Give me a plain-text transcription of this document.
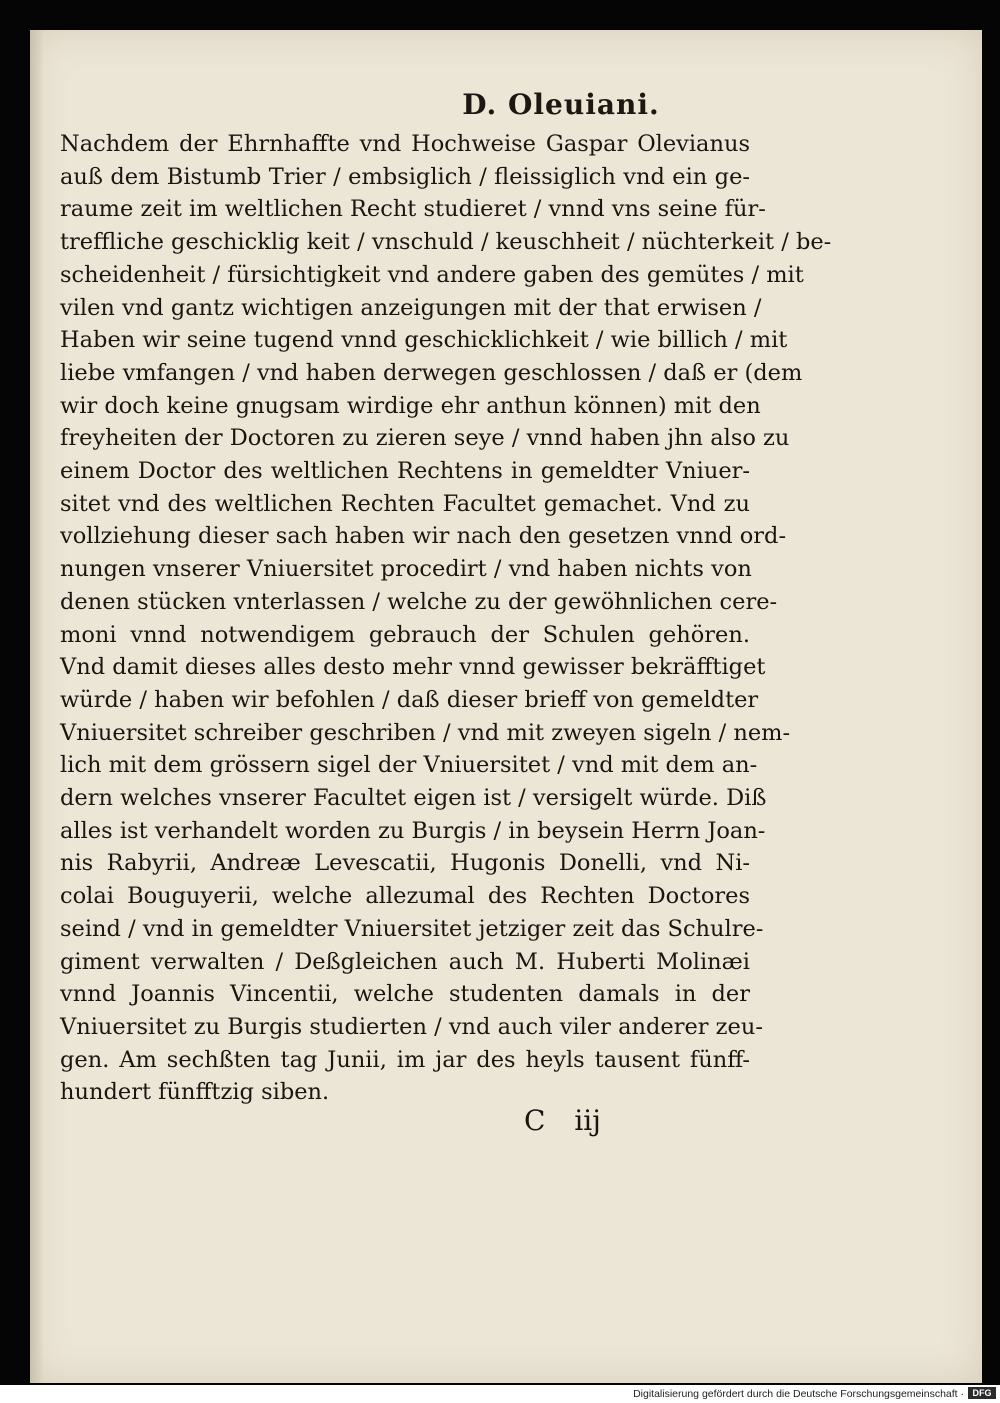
D. Oleuiani.
Nachdem der Ehrnhaffte vnd Hochweise Gaspar Olevianus
auß dem Bistumb Trier / embsiglich / fleissiglich vnd ein ge-
raume zeit im weltlichen Recht studieret / vnnd vns seine für-
treffliche geschicklig keit / vnschuld / keuschheit / nüchterkeit / be-
scheidenheit / fürsichtigkeit vnd andere gaben des gemütes / mit
vilen vnd gantz wichtigen anzeigungen mit der that erwisen /
Haben wir seine tugend vnnd geschicklichkeit / wie billich / mit
liebe vmfangen / vnd haben derwegen geschlossen / daß er (dem
wir doch keine gnugsam wirdige ehr anthun können) mit den
freyheiten der Doctoren zu zieren seye / vnnd haben jhn also zu
einem Doctor des weltlichen Rechtens in gemeldter Vniuer-
sitet vnd des weltlichen Rechten Facultet gemachet. Vnd zu
vollziehung dieser sach haben wir nach den gesetzen vnnd ord-
nungen vnserer Vniuersitet procedirt / vnd haben nichts von
denen stücken vnterlassen / welche zu der gewöhnlichen cere-
moni vnnd notwendigem gebrauch der Schulen gehören.
Vnd damit dieses alles desto mehr vnnd gewisser bekräfftiget
würde / haben wir befohlen / daß dieser brieff von gemeldter
Vniuersitet schreiber geschriben / vnd mit zweyen sigeln / nem-
lich mit dem grössern sigel der Vniuersitet / vnd mit dem an-
dern welches vnserer Facultet eigen ist / versigelt würde. Diß
alles ist verhandelt worden zu Burgis / in beysein Herrn Joan-
nis Rabyrii, Andreæ Levescatii, Hugonis Donelli, vnd Ni-
colai Bouguyerii, welche allezumal des Rechten Doctores
seind / vnd in gemeldter Vniuersitet jetziger zeit das Schulre-
giment verwalten / Deßgleichen auch M. Huberti Molinæi
vnnd Joannis Vincentii, welche studenten damals in der
Vniuersitet zu Burgis studierten / vnd auch viler anderer zeu-
gen. Am sechßten tag Junii, im jar des heyls tausent fünff-
hundert fünfftzig siben.
C iij
Digitalisierung gefördert durch die Deutsche Forschungsgemeinschaft · DFG
